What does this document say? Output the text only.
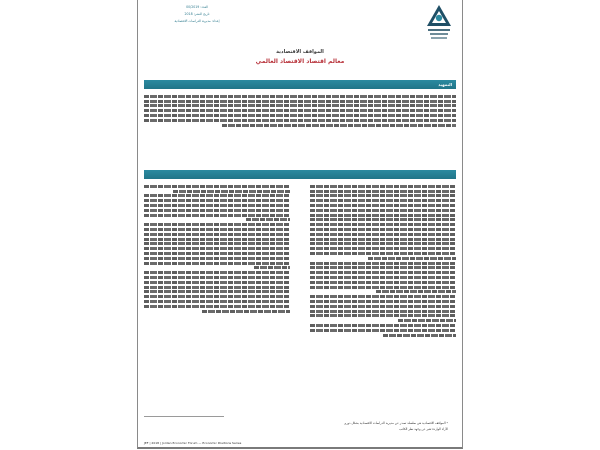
العدد: 00/2019
تاريخ النشر: 2018
إعداد: مديرية الدراسات الاقتصادية
المواقف الاقتصادية
معالم اقتصاد الاقتصاد العالمي
التمهيد
* المواقف الاقتصادية هي سلسلة تصدر عن مديرية الدراسات الاقتصادية بشكل دوري
الآراء الواردة تعبر عن وجهة نظر الكاتب
JEF | 2018 | Jordan Economic Forum — Economic Positions Series
